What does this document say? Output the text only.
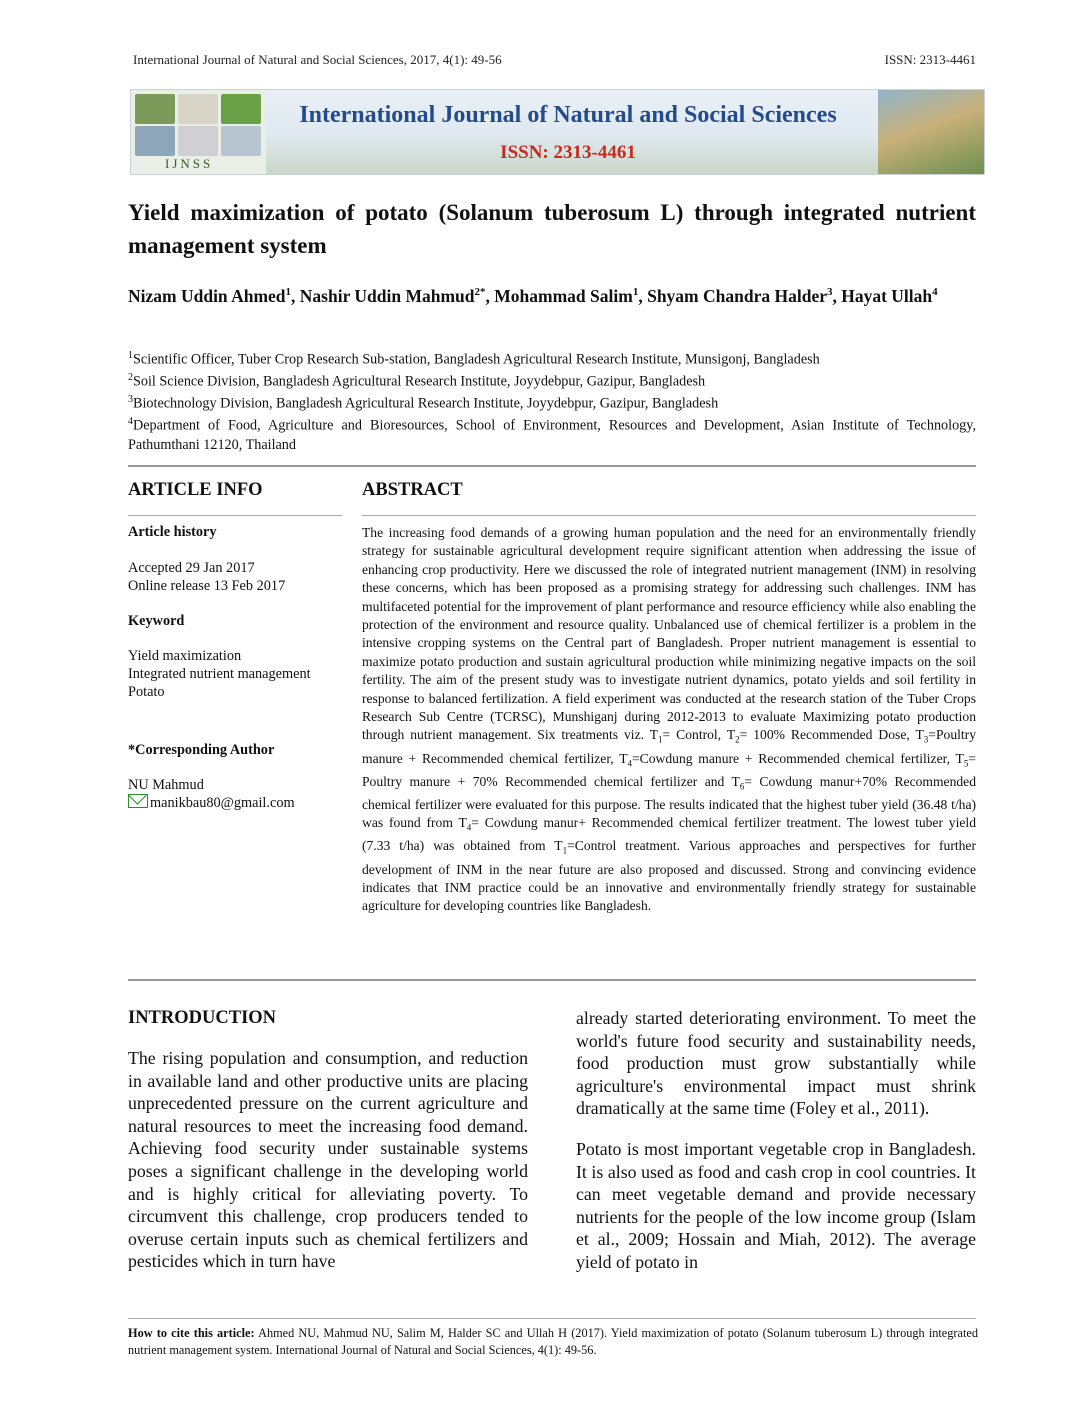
International Journal of Natural and Social Sciences, 2017, 4(1): 49-56	ISSN: 2313-4461
IJNSS
International Journal of Natural and Social Sciences
ISSN: 2313-4461
Yield maximization of potato (Solanum tuberosum L) through integrated nutrient management system
Nizam Uddin Ahmed$^1$, Nashir Uddin Mahmud$^{2*}$, Mohammad Salim$^1$, Shyam Chandra Halder$^3$, Hayat Ullah$^4$

$^1$Scientific Officer, Tuber Crop Research Sub-station, Bangladesh Agricultural Research Institute, Munsigonj, Bangladesh

$^2$Soil Science Division, Bangladesh Agricultural Research Institute, Joyydebpur, Gazipur, Bangladesh

$^3$Biotechnology Division, Bangladesh Agricultural Research Institute, Joyydebpur, Gazipur, Bangladesh

$^4$Department of Food, Agriculture and Bioresources, School of Environment, Resources and Development, Asian Institute of Technology, Pathumthani 12120, Thailand

ARTICLE INFO	ABSTRACT
Article history
Accepted 29 Jan 2017
Online release 13 Feb 2017
Keyword
Yield maximization
Integrated nutrient management
Potato
*Corresponding Author
NU Mahmud
manikbau80@gmail.com
The increasing food demands of a growing human population and the need for an environmentally friendly strategy for sustainable agricultural development require significant attention when addressing the issue of enhancing crop productivity. Here we discussed the role of integrated nutrient management (INM) in resolving these concerns, which has been proposed as a promising strategy for addressing such challenges. INM has multifaceted potential for the improvement of plant performance and resource efficiency while also enabling the protection of the environment and resource quality. Unbalanced use of chemical fertilizer is a problem in the intensive cropping systems on the Central part of Bangladesh. Proper nutrient management is essential to maximize potato production and sustain agricultural production while minimizing negative impacts on the soil fertility. The aim of the present study was to investigate nutrient dynamics, potato yields and soil fertility in response to balanced fertilization. A field experiment was conducted at the research station of the Tuber Crops Research Sub Centre (TCRSC), Munshiganj during 2012-2013 to evaluate Maximizing potato production through nutrient management. Six treatments viz. $T_1=$ Control, $T_2= 100\%$ Recommended Dose, $T_3=Poultry$ manure + Recommended chemical fertilizer, $T_4=Cowdung$ manure + Recommended chemical fertilizer, $T_5=$ Poultry manure + 70% Recommended chemical fertilizer and $T_6=$ Cowdung manur+70% Recommended chemical fertilizer were evaluated for this purpose. The results indicated that the highest tuber yield (36.48 t/ha) was found from $T_4=$ Cowdung manur+ Recommended chemical fertilizer treatment. The lowest tuber yield (7.33 t/ha) was obtained from $T_1=Control$ treatment. Various approaches and perspectives for further development of INM in the near future are also proposed and discussed. Strong and convincing evidence indicates that INM practice could be an innovative and environmentally friendly strategy for sustainable agriculture for developing countries like Bangladesh.
INTRODUCTION

The rising population and consumption, and reduction in available land and other productive units are placing unprecedented pressure on the current agriculture and natural resources to meet the increasing food demand. Achieving food security under sustainable systems poses a significant challenge in the developing world and is highly critical for alleviating poverty. To circumvent this challenge, crop producers tended to overuse certain inputs such as chemical fertilizers and pesticides which in turn have

already started deteriorating environment. To meet the world's future food security and sustainability needs, food production must grow substantially while agriculture's environmental impact must shrink dramatically at the same time (Foley et al., 2011).

Potato is most important vegetable crop in Bangladesh. It is also used as food and cash crop in cool countries. It can meet vegetable demand and provide necessary nutrients for the people of the low income group (Islam et al., 2009; Hossain and Miah, 2012). The average yield of potato in

How to cite this article: Ahmed NU, Mahmud NU, Salim M, Halder SC and Ullah H (2017). Yield maximization of potato (Solanum tuberosum L) through integrated nutrient management system. International Journal of Natural and Social Sciences, 4(1): 49-56.
